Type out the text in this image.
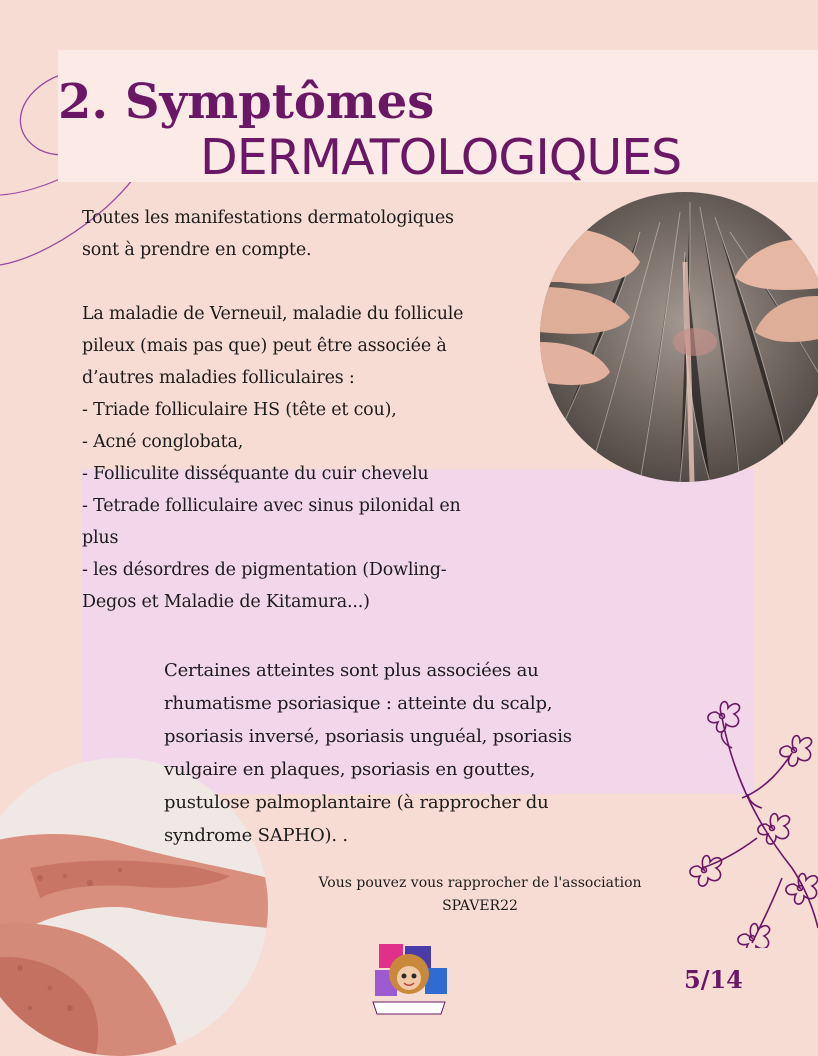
2. Symptômes
DERMATOLOGIQUES

Toutes les manifestations dermatologiques

sont à prendre en compte.

La maladie de Verneuil, maladie du follicule

pileux (mais pas que) peut être associée à

d’autres maladies folliculaires :

- Triade folliculaire HS (tête et cou),

- Acné conglobata,

- Folliculite disséquante du cuir chevelu

- Tetrade folliculaire avec sinus pilonidal en

plus

- les désordres de pigmentation (Dowling-

Degos et Maladie de Kitamura...)

Certaines atteintes sont plus associées au

rhumatisme psoriasique : atteinte du scalp,

psoriasis inversé, psoriasis unguéal, psoriasis

vulgaire en plaques, psoriasis en gouttes,

pustulose palmoplantaire (à rapprocher du

syndrome SAPHO). .

Vous pouvez vous rapprocher de l'association

SPAVER22

5/14
